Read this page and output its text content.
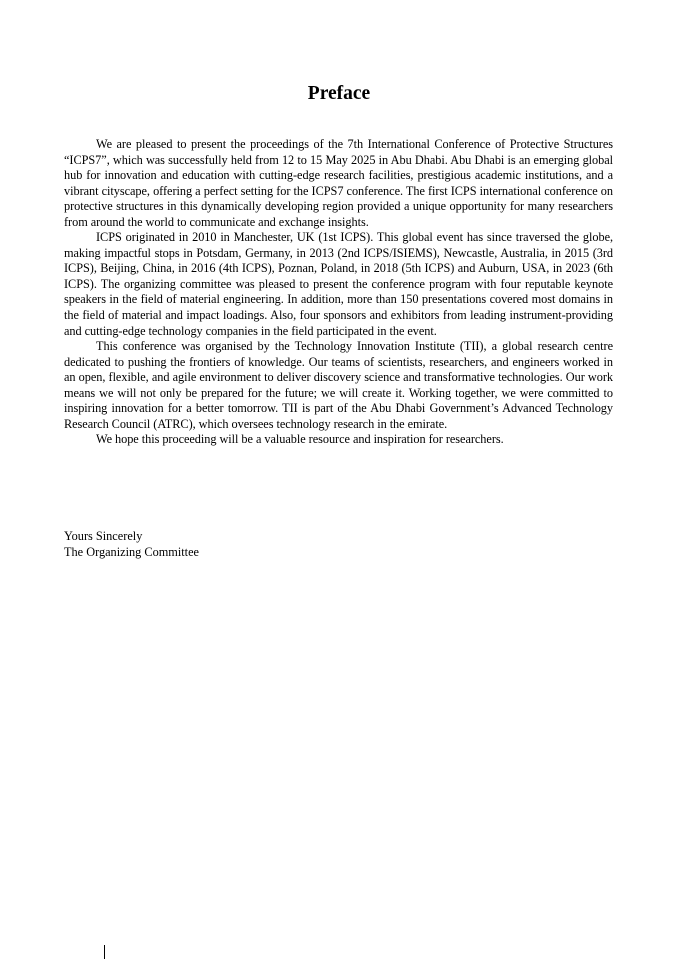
Preface

We are pleased to present the proceedings of the 7th International Conference of Protective Structures “ICPS7”, which was successfully held from 12 to 15 May 2025 in Abu Dhabi. Abu Dhabi is an emerging global hub for innovation and education with cutting-edge research facilities, prestigious academic institutions, and a vibrant cityscape, offering a perfect setting for the ICPS7 conference. The first ICPS international conference on protective structures in this dynamically developing region provided a unique opportunity for many researchers from around the world to communicate and exchange insights.

ICPS originated in 2010 in Manchester, UK (1st ICPS). This global event has since traversed the globe, making impactful stops in Potsdam, Germany, in 2013 (2nd ICPS/ISIEMS), Newcastle, Australia, in 2015 (3rd ICPS), Beijing, China, in 2016 (4th ICPS), Poznan, Poland, in 2018 (5th ICPS) and Auburn, USA, in 2023 (6th ICPS). The organizing committee was pleased to present the conference program with four reputable keynote speakers in the field of material engineering. In addition, more than 150 presentations covered most domains in the field of material and impact loadings. Also, four sponsors and exhibitors from leading instrument-providing and cutting-edge technology companies in the field participated in the event.

This conference was organised by the Technology Innovation Institute (TII), a global research centre dedicated to pushing the frontiers of knowledge. Our teams of scientists, researchers, and engineers worked in an open, flexible, and agile environment to deliver discovery science and transformative technologies. Our work means we will not only be prepared for the future; we will create it. Working together, we were committed to inspiring innovation for a better tomorrow. TII is part of the Abu Dhabi Government’s Advanced Technology Research Council (ATRC), which oversees technology research in the emirate.

We hope this proceeding will be a valuable resource and inspiration for researchers.

Yours Sincerely

The Organizing Committee
